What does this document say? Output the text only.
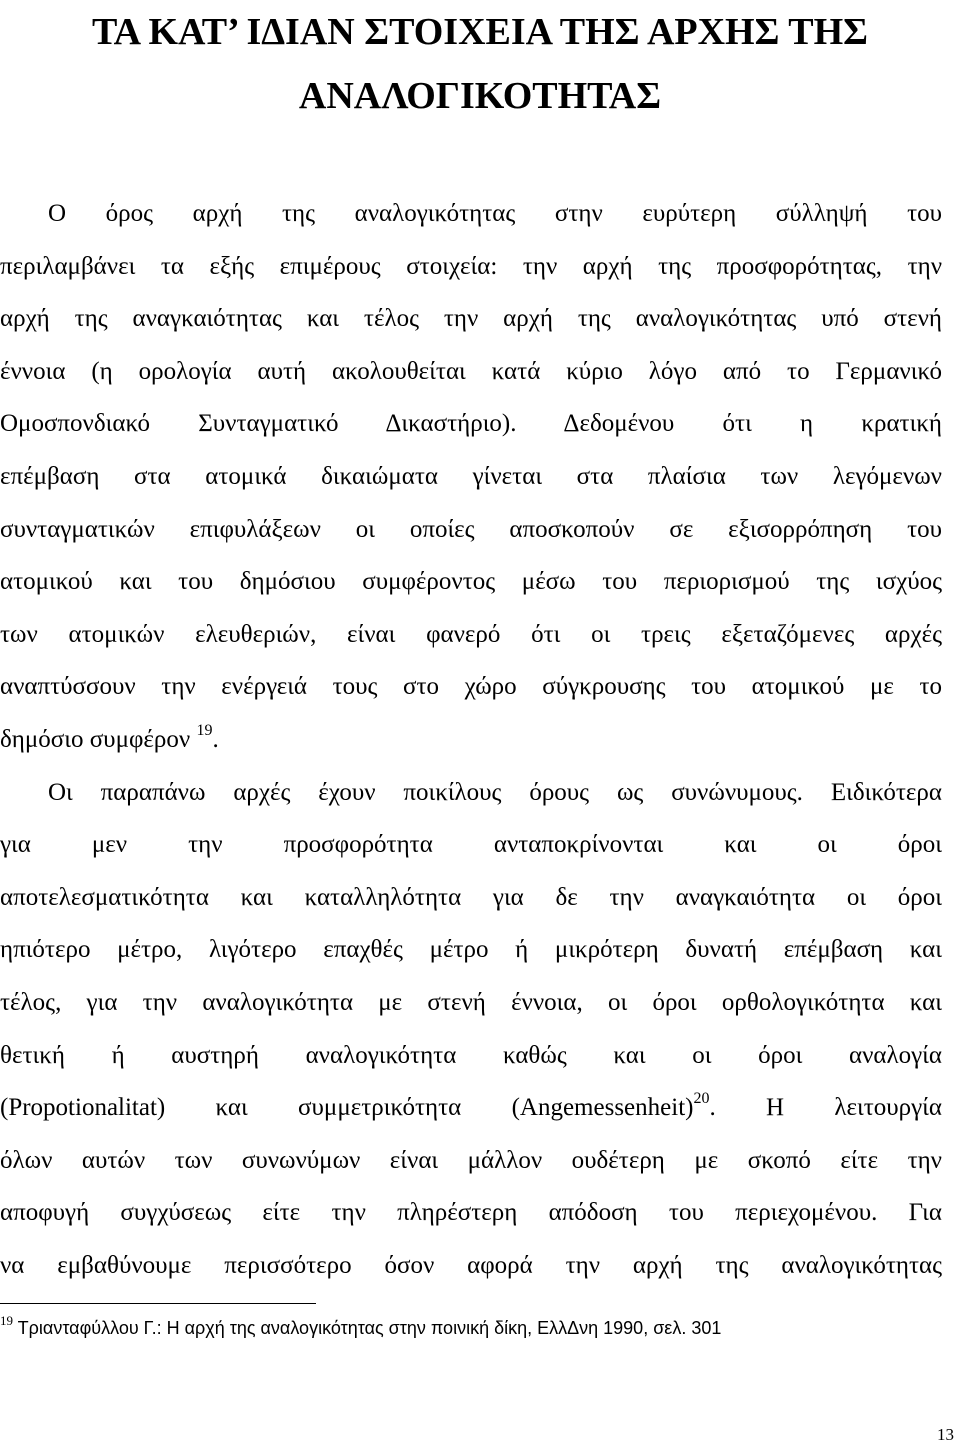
ΤΑ ΚΑΤ’ ΙΔΙΑΝ ΣΤΟΙΧΕΙΑ ΤΗΣ ΑΡΧΗΣ ΤΗΣ
ΑΝΑΛΟΓΙΚΟΤΗΤΑΣ
Ο όρος αρχή της αναλογικότητας στην ευρύτερη σύλληψή του
περιλαμβάνει τα εξής επιμέρους στοιχεία: την αρχή της προσφορότητας, την
αρχή της αναγκαιότητας και τέλος την αρχή της αναλογικότητας υπό στενή
έννοια (η ορολογία αυτή ακολουθείται κατά κύριο λόγο από το Γερμανικό
Ομοσπονδιακό Συνταγματικό Δικαστήριο). Δεδομένου ότι η κρατική
επέμβαση στα ατομικά δικαιώματα γίνεται στα πλαίσια των λεγόμενων
συνταγματικών επιφυλάξεων οι οποίες αποσκοπούν σε εξισορρόπηση του
ατομικού και του δημόσιου συμφέροντος μέσω του περιορισμού της ισχύος
των ατομικών ελευθεριών, είναι φανερό ότι οι τρεις εξεταζόμενες αρχές
αναπτύσσουν την ενέργειά τους στο χώρο σύγκρουσης του ατομικού με το
δημόσιο συμφέρον $^{19}$.
Οι παραπάνω αρχές έχουν ποικίλους όρους ως συνώνυμους. Ειδικότερα
για μεν την προσφορότητα ανταποκρίνονται και οι όροι
αποτελεσματικότητα και καταλληλότητα για δε την αναγκαιότητα οι όροι
ηπιότερο μέτρο, λιγότερο επαχθές μέτρο ή μικρότερη δυνατή επέμβαση και
τέλος, για την αναλογικότητα με στενή έννοια, οι όροι ορθολογικότητα και
θετική ή αυστηρή αναλογικότητα καθώς και οι όροι αναλογία
(Propotionalitat) και συμμετρικότητα (Angemessenheit)$^{20}$. Η λειτουργία
όλων αυτών των συνωνύμων είναι μάλλον ουδέτερη με σκοπό είτε την
αποφυγή συγχύσεως είτε την πληρέστερη απόδοση του περιεχομένου. Για
να εμβαθύνουμε περισσότερο όσον αφορά την αρχή της αναλογικότητας
$^{19}$ Τριανταφύλλου Γ.: Η αρχή της αναλογικότητας στην ποινική δίκη, ΕλλΔνη 1990, σελ. 301
13
